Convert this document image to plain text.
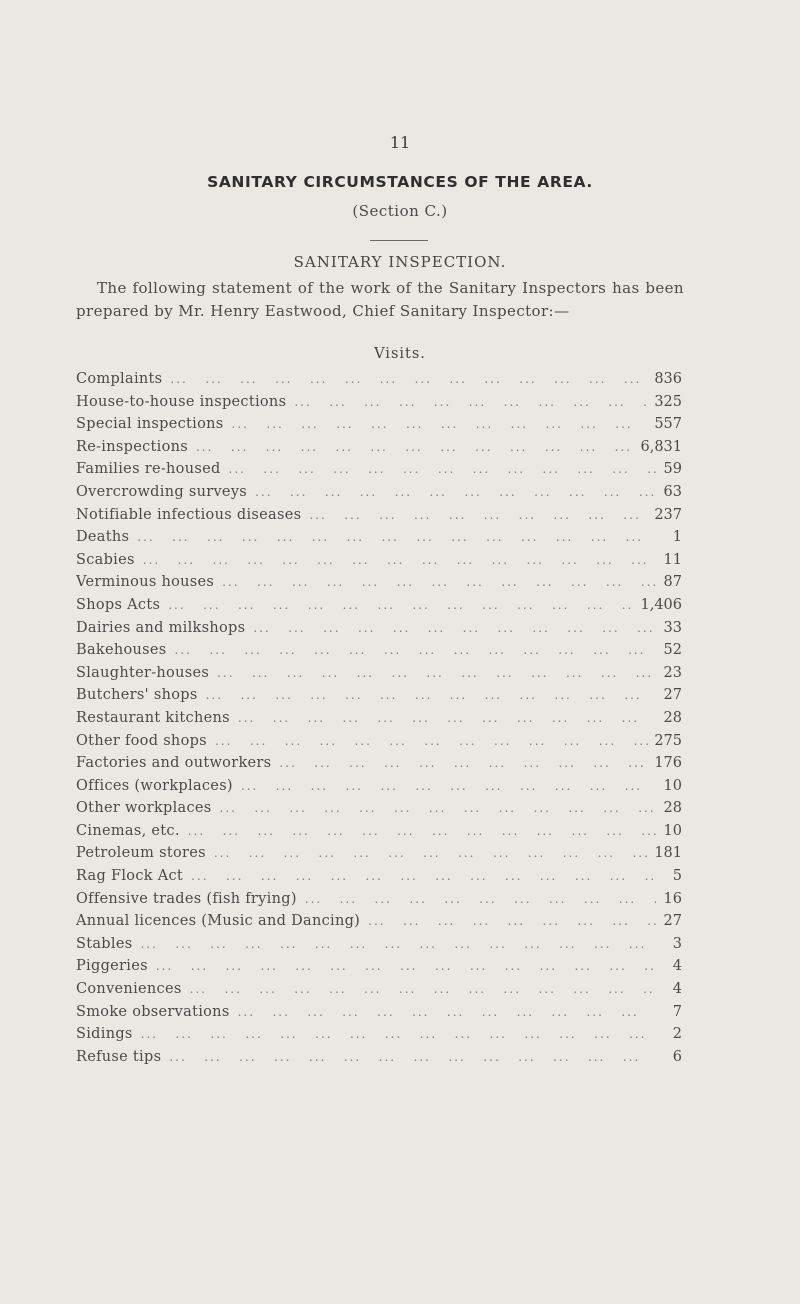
11
SANITARY CIRCUMSTANCES OF THE AREA.
(Section C.)
SANITARY INSPECTION.
The following statement of the work of the Sanitary Inspectors has been prepared by Mr. Henry Eastwood, Chief Sanitary Inspector:—
Visits.
Complaints ...	836
House-to-house inspections ...	325
Special inspections ...	557
Re-inspections ...	6,831
Families re-housed ...	59
Overcrowding surveys ...	63
Notifiable infectious diseases ...	237
Deaths ...	1
Scabies ...	11
Verminous houses ...	87
Shops Acts ...	1,406
Dairies and milkshops ...	33
Bakehouses ...	52
Slaughter-houses ...	23
Butchers' shops ...	27
Restaurant kitchens ...	28
Other food shops ...	275
Factories and outworkers ...	176
Offices (workplaces) ...	10
Other workplaces ...	28
Cinemas, etc. ...	10
Petroleum stores ...	181
Rag Flock Act ...	5
Offensive trades (fish frying) ...	16
Annual licences (Music and Dancing) ...	27
Stables ...	3
Piggeries ...	4
Conveniences ...	4
Smoke observations ...	7
Sidings ...	2
Refuse tips ...	6
